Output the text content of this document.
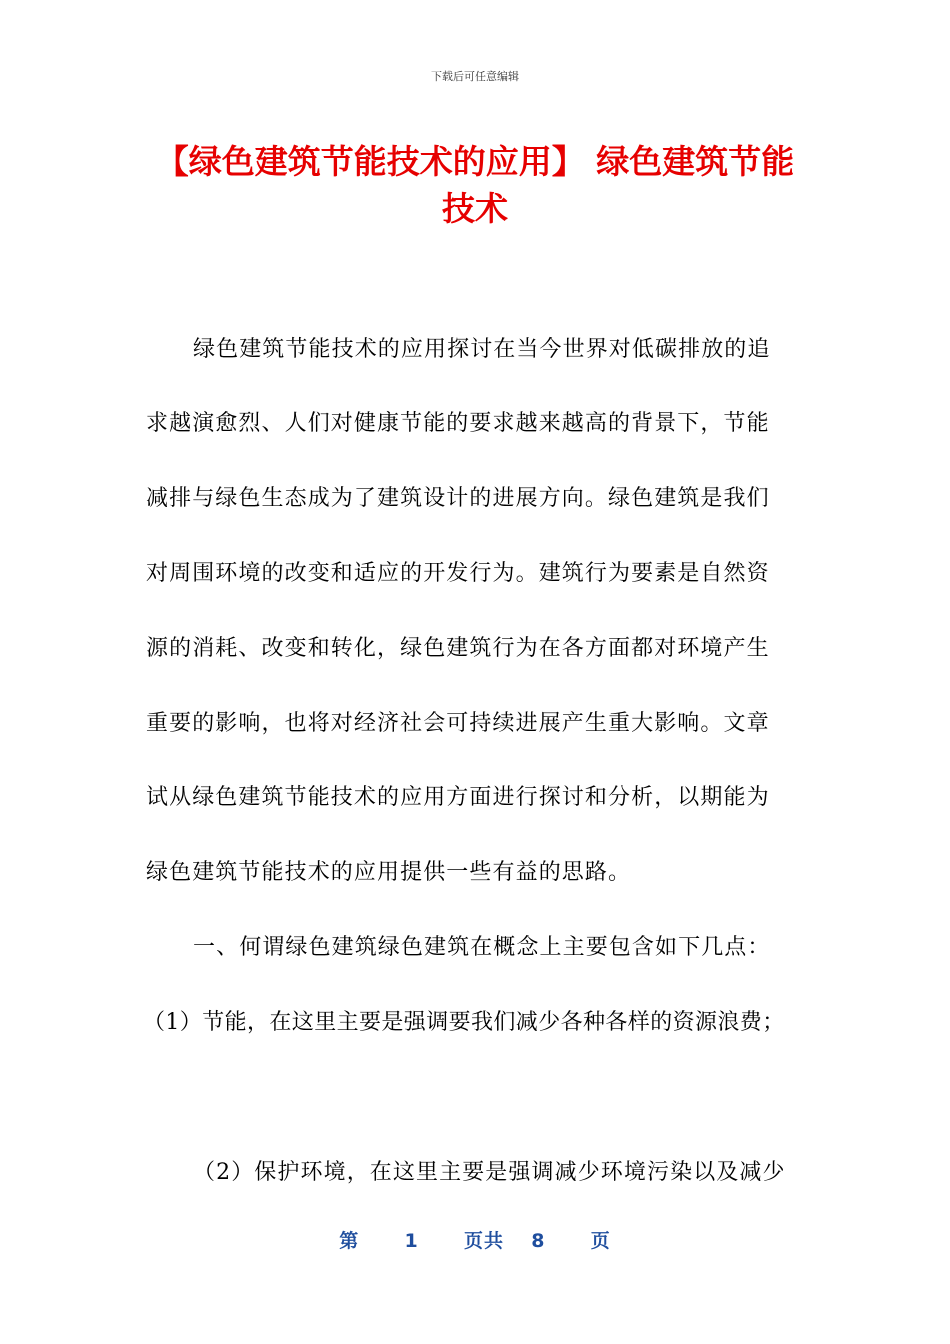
下载后可任意编辑
【绿色建筑节能技术的应用】 绿色建筑节能
技术
绿色建筑节能技术的应用探讨在当今世界对低碳排放的追
求越演愈烈、人们对健康节能的要求越来越高的背景下，节能
减排与绿色生态成为了建筑设计的进展方向。绿色建筑是我们
对周围环境的改变和适应的开发行为。建筑行为要素是自然资
源的消耗、改变和转化，绿色建筑行为在各方面都对环境产生
重要的影响，也将对经济社会可持续进展产生重大影响。文章
试从绿色建筑节能技术的应用方面进行探讨和分析，以期能为
绿色建筑节能技术的应用提供一些有益的思路。
一、何谓绿色建筑绿色建筑在概念上主要包含如下几点：
（1）节能，在这里主要是强调要我们减少各种各样的资源浪费；
（2）保护环境，在这里主要是强调减少环境污染以及减少
第 1 页共 8 页
